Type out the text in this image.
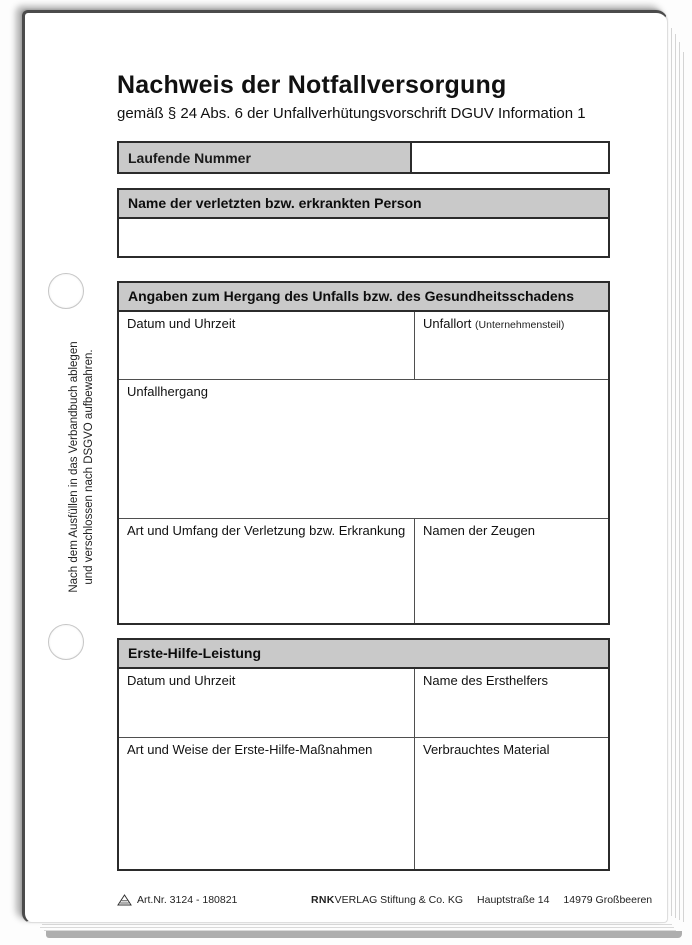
Nach dem Ausfüllen in das Verbandbuch ablegen und verschlossen nach DSGVO aufbewahren.
Nachweis der Notfallversorgung
gemäß § 24 Abs. 6 der Unfallverhütungsvorschrift DGUV Information 1
Laufende Nummer
Name der verletzten bzw. erkrankten Person
Angaben zum Hergang des Unfalls bzw. des Gesundheitsschadens
Datum und Uhrzeit	Unfallort (Unternehmensteil)
Unfallhergang
Art und Umfang der Verletzung bzw. Erkrankung	Namen der Zeugen
Erste-Hilfe-Leistung
Datum und Uhrzeit	Name des Ersthelfers
Art und Weise der Erste-Hilfe-Maßnahmen	Verbrauchtes Material
Art.Nr. 3124 - 180821	RNKVERLAG Stiftung & Co. KG Hauptstraße 14 14979 Großbeeren
